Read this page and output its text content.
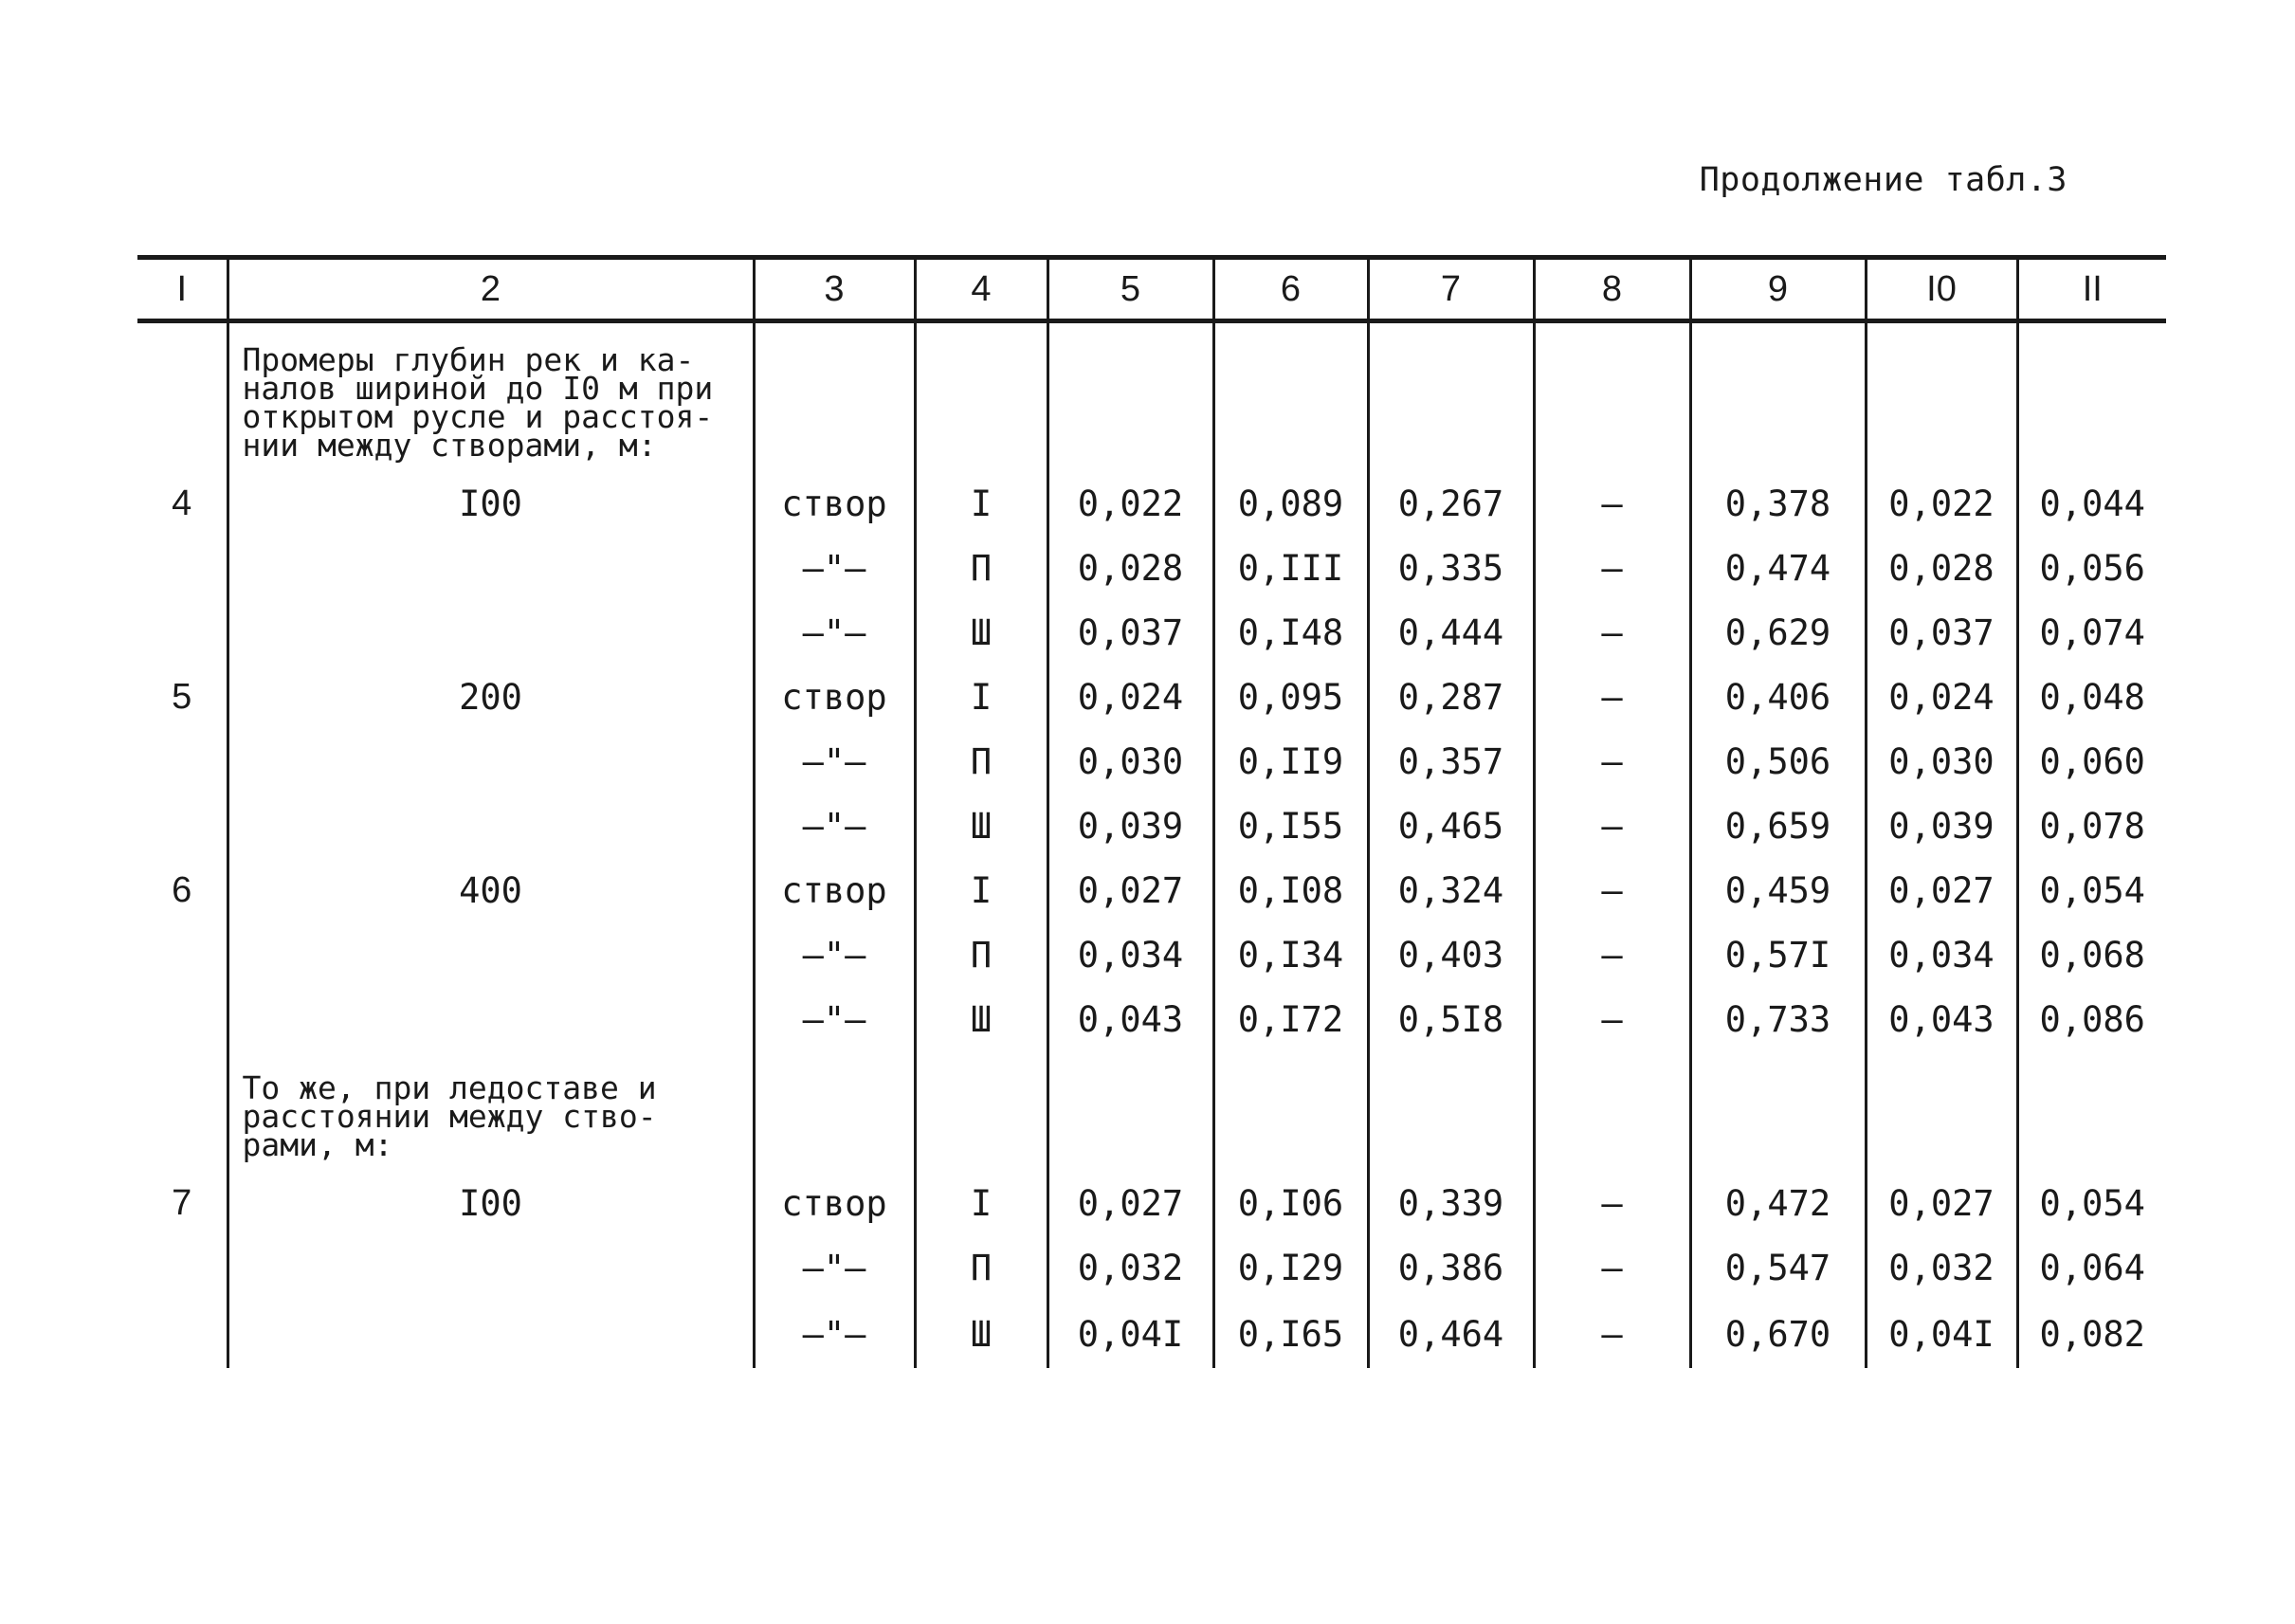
Продолжение табл.3
I	2	3	4	5	6	7	8	9	I0	II

	Промеры глубин рек и ка-
налов шириной до I0 м при
открытом русле и расстоя-
нии между створами, м:									

4	I00	створ	I	0,022	0,089	0,267	–	0,378	0,022	0,044
		–"–	П	0,028	0,III	0,335	–	0,474	0,028	0,056
		–"–	Ш	0,037	0,I48	0,444	–	0,629	0,037	0,074
5	200	створ	I	0,024	0,095	0,287	–	0,406	0,024	0,048
		–"–	П	0,030	0,II9	0,357	–	0,506	0,030	0,060
		–"–	Ш	0,039	0,I55	0,465	–	0,659	0,039	0,078
6	400	створ	I	0,027	0,I08	0,324	–	0,459	0,027	0,054
		–"–	П	0,034	0,I34	0,403	–	0,57I	0,034	0,068
		–"–	Ш	0,043	0,I72	0,5I8	–	0,733	0,043	0,086

	То же, при ледоставе и
расстоянии между ство-
рами, м:									

7	I00	створ	I	0,027	0,I06	0,339	–	0,472	0,027	0,054
		–"–	П	0,032	0,I29	0,386	–	0,547	0,032	0,064
		–"–	Ш	0,04I	0,I65	0,464	–	0,670	0,04I	0,082
